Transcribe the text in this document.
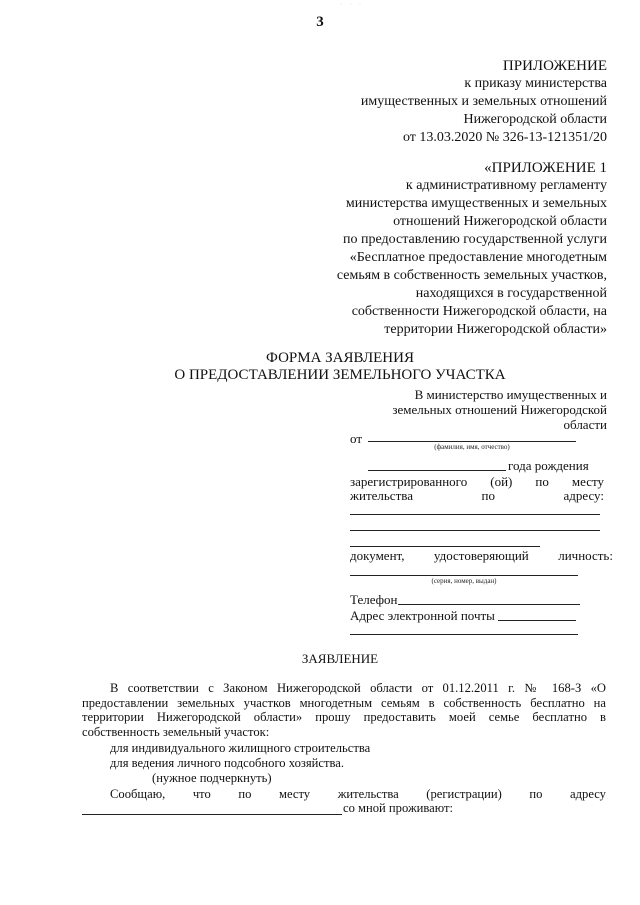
· · ·
3
ПРИЛОЖЕНИЕ
к приказу министерства
имущественных и земельных отношений
Нижегородской области
от 13.03.2020 № 326-13-121351/20
«ПРИЛОЖЕНИЕ 1
к административному регламенту
министерства имущественных и земельных
отношений Нижегородской области
по предоставлению государственной услуги
«Бесплатное предоставление многодетным
семьям в собственность земельных участков,
находящихся в государственной
собственности Нижегородской области, на
территории Нижегородской области»
ФОРМА ЗАЯВЛЕНИЯ
О ПРЕДОСТАВЛЕНИИ ЗЕМЕЛЬНОГО УЧАСТКА
В министерство имущественных и
земельных отношений Нижегородской
области
от
(фамилия, имя, отчество)
года рождения
зарегистрированного (ой) по месту
жительства	по	адресу:
документ, удостоверяющий личность:
(серия, номер, выдан)
Телефон
Адрес электронной почты
ЗАЯВЛЕНИЕ
В соответствии с Законом Нижегородской области от 01.12.2011 г. № 168-З «О предоставлении земельных участков многодетным семьям в собственность бесплатно на территории Нижегородской области» прошу предоставить моей семье бесплатно в собственность земельный участок:
для индивидуального жилищного строительства
для ведения личного подсобного хозяйства.
(нужное подчеркнуть)
Сообщаю, что по месту жительства (регистрации) по адресу
со мной проживают:
